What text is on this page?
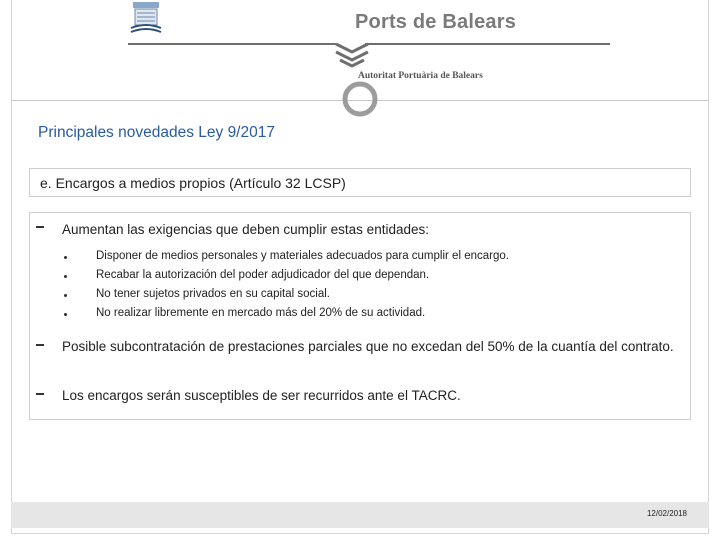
Ports de Balears
Autoritat Portuària de Balears
Principales novedades Ley 9/2017
e. Encargos a medios propios (Artículo 32 LCSP)
Aumentan las exigencias que deben cumplir estas entidades:
Disponer de medios personales y materiales adecuados para cumplir el encargo.
Recabar la autorización del poder adjudicador del que dependan.
No tener sujetos privados en su capital social.
No realizar libremente en mercado más del 20% de su actividad.
Posible subcontratación de prestaciones parciales que no excedan del 50% de la cuantía del contrato.
Los encargos serán susceptibles de ser recurridos ante el TACRC.
12/02/2018
